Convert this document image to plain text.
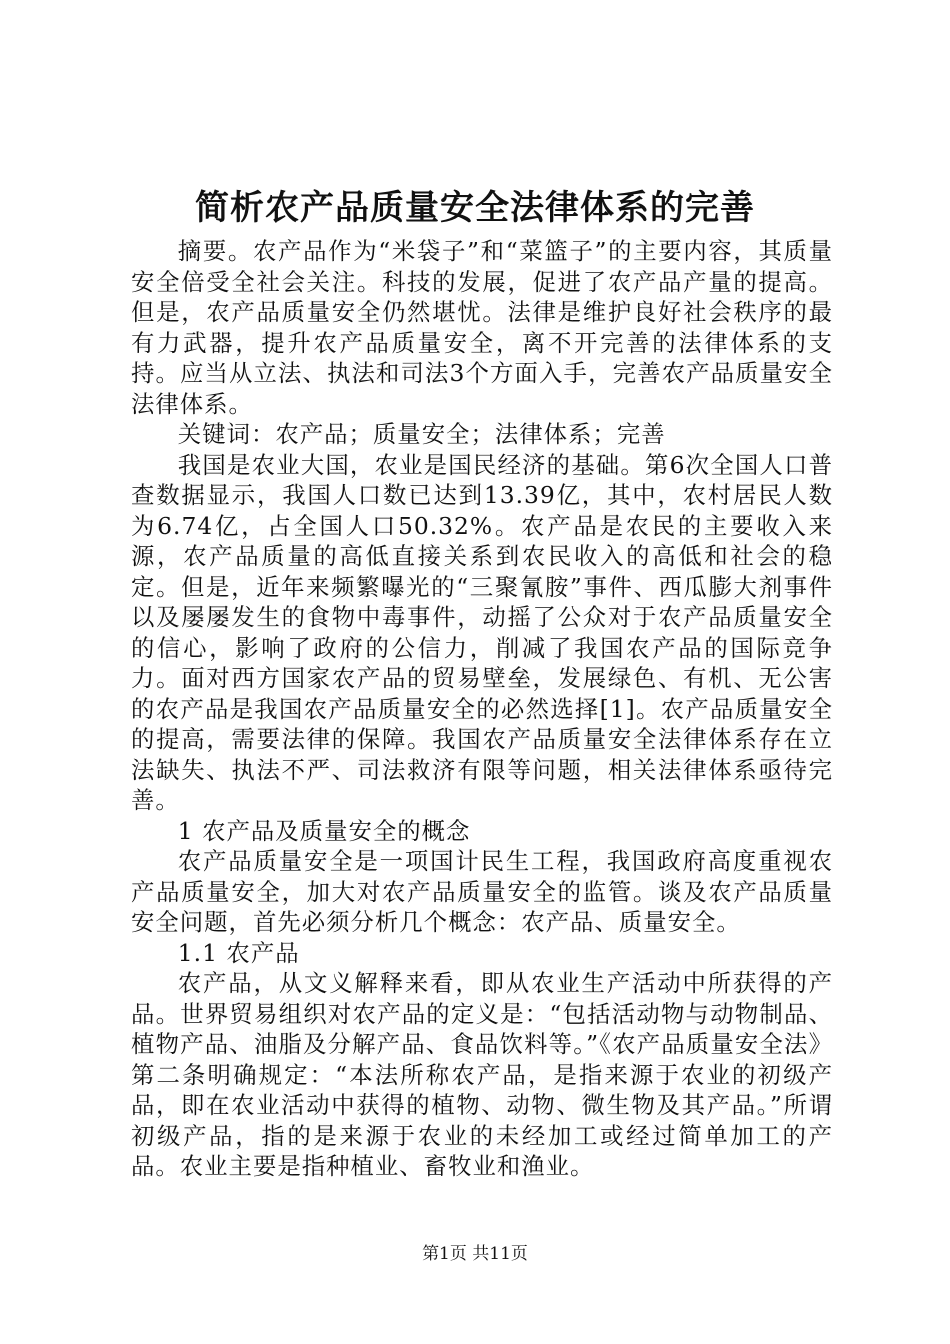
简析农产品质量安全法律体系的完善

摘要。农产品作为“米袋子”和“菜篮子”的主要内容，其质量安全倍受全社会关注。科技的发展，促进了农产品产量的提高。但是，农产品质量安全仍然堪忧。法律是维护良好社会秩序的最有力武器，提升农产品质量安全，离不开完善的法律体系的支持。应当从立法、执法和司法3个方面入手，完善农产品质量安全法律体系。

关键词：农产品；质量安全；法律体系；完善

我国是农业大国，农业是国民经济的基础。第6次全国人口普查数据显示，我国人口数已达到13.39亿，其中，农村居民人数为6.74亿，占全国人口50.32%。农产品是农民的主要收入来源，农产品质量的高低直接关系到农民收入的高低和社会的稳定。但是，近年来频繁曝光的“三聚氰胺”事件、西瓜膨大剂事件以及屡屡发生的食物中毒事件，动摇了公众对于农产品质量安全的信心，影响了政府的公信力，削减了我国农产品的国际竞争力。面对西方国家农产品的贸易壁垒，发展绿色、有机、无公害的农产品是我国农产品质量安全的必然选择[1]。农产品质量安全的提高，需要法律的保障。我国农产品质量安全法律体系存在立法缺失、执法不严、司法救济有限等问题，相关法律体系亟待完善。

1 农产品及质量安全的概念

农产品质量安全是一项国计民生工程，我国政府高度重视农产品质量安全，加大对农产品质量安全的监管。谈及农产品质量安全问题，首先必须分析几个概念：农产品、质量安全。

1.1 农产品

农产品，从文义解释来看，即从农业生产活动中所获得的产品。世界贸易组织对农产品的定义是：“包括活动物与动物制品、植物产品、油脂及分解产品、食品饮料等。”《农产品质量安全法》第二条明确规定：“本法所称农产品，是指来源于农业的初级产品，即在农业活动中获得的植物、动物、微生物及其产品。”所谓初级产品，指的是来源于农业的未经加工或经过简单加工的产品。农业主要是指种植业、畜牧业和渔业。

第1页 共11页
